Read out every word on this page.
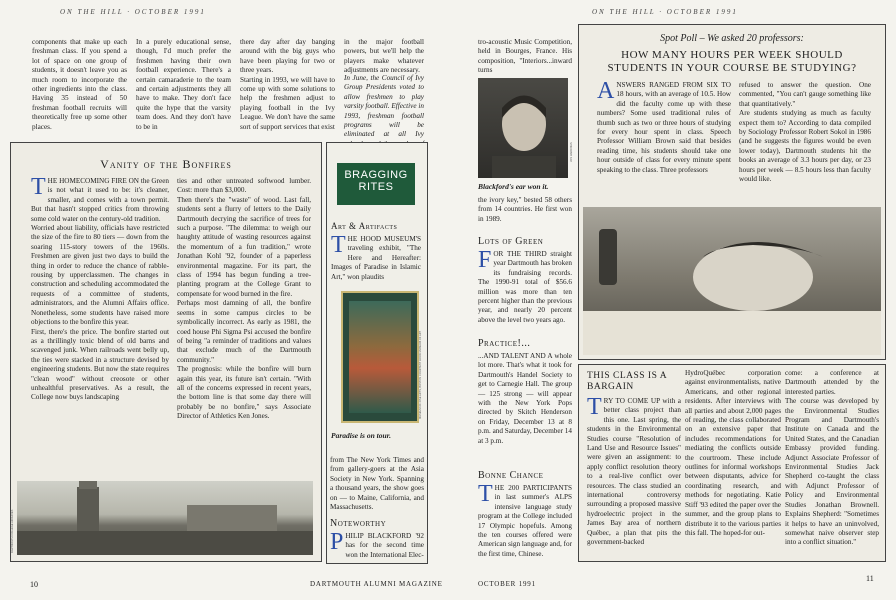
ON THE HILL · OCTOBER 1991	ON THE HILL · OCTOBER 1991
components that make up each freshman class. If you spend a lot of space on one group of students, it doesn't leave you as much room to incorporate the other ingredients into the class. Having 35 instead of 50 freshman football recruits will theoretically free up some other places.
In a purely educational sense, though, I'd much prefer the freshmen having their own football experience. There's a certain camaraderie to the team and certain adjustments they all have to make. They don't face quite the hype that the varsity team does. And they don't have to be in
there day after day banging around with the big guys who have been playing for two or three years.
Starting in 1993, we will have to come up with some solutions to help the freshmen adjust to playing football in the Ivy League. We don't have the same sort of support services that exist
in the major football powers, but we'll help the players make whatever adjustments are necessary.
In June, the Council of Ivy Group Presidents voted to allow freshmen to play varsity football. Effective in 1993, freshman football programs will be eliminated at all Ivy
Vanity of the Bonfires
THE HOMECOMING FIRE ON the Green is not what it used to be: it's cleaner, smaller, and comes with a town permit. But that hasn't stopped critics from throwing some cold water on the century-old tradition.
Worried about liability, officials have restricted the size of the fire to 80 tiers — down from the soaring 115-story towers of the 1960s. Freshmen are given just two days to build the thing in order to reduce the chance of rabble-rousing by upperclassmen. The changes in construction and scheduling accommodated the requests of a committee of students, administrators, and the Alumni Affairs office. Nonetheless, some students have raised more objections to the bonfire this year.
First, there's the price. The bonfire started out as a thrillingly toxic blend of old barns and scavenged junk. When railroads went belly up, the ties were stacked in a structure devised by engineering students. But now the state requires "clean wood" without creosote or other unhealthful preservatives. As a result, the College now buys landscaping
ties and other untreated softwood lumber. Cost: more than $3,000.
Then there's the "waste" of wood. Last fall, students sent a flurry of letters to the Daily Dartmouth decrying the sacrifice of trees for such a purpose. "The dilemma: to weigh our haughty attitude of wasting resources against the momentum of a fun tradition," wrote Jonathan Kohl '92, founder of a paperless environmental magazine. For its part, the class of 1994 has begun funding a tree-planting program at the College Grant to compensate for wood burned in the fire.
Perhaps most damning of all, the bonfire seems in some campus circles to be symbolically incorrect. As early as 1981, the coed house Phi Sigma Psi accused the bonfire of being "a reminder of traditions and values that exclude much of the Dartmouth community."
The prognosis: while the bonfire will burn again this year, its future isn't certain. "With all of the concerns expressed in recent years, the bottom line is that some day there will probably be no bonfire," says Associate Director of Athletics Ken Jones.
DARTMOUTH COLLEGE ARCHIVES
BRAGGING
RITES
Art & Artifacts
THE HOOD MUSEUM'S traveling exhibit, "The Here and Hereafter: Images of Paradise in Islamic Art," won plaudits
MUSEUM OF FINE ARTS, BOSTON COURTESY HOOD MUSEUM OF ART
Paradise is on tour.
from The New York Times and from gallery-goers at the Asia Society in New York. Spanning a thousand years, the show goes on — to Maine, California, and Massachusetts.
Noteworthy
PHILIP BLACKFORD '92 has for the second time won the International Elec-
tro-acoustic Music Competition, held in Bourges, France. His composition, "Interiors...inward turns
JON HARRIMAN
Blackford's ear won it.
the ivory key," bested 58 others from 14 countries. He first won in 1989.
Lots of Green
FOR THE THIRD straight year Dartmouth has broken its fundraising records. The 1990-91 total of $56.6 million was more than ten percent higher than the previous year, and nearly 20 percent above the level two years ago.
Practice!...
...AND TALENT AND A whole lot more. That's what it took for Dartmouth's Handel Society to get to Carnegie Hall. The group — 125 strong — will appear with the New York Pops directed by Skitch Henderson on Friday, December 13 at 8 p.m. and Saturday, December 14 at 3 p.m.
Bonne Chance
THE 200 PARTICIPANTS in last summer's ALPS intensive language study program at the College included 17 Olympic hopefuls. Among the ten courses offered were American sign language and, for the first time, Chinese.
Spot Poll – We asked 20 professors:
HOW MANY HOURS PER WEEK SHOULD STUDENTS IN YOUR COURSE BE STUDYING?
ANSWERS RANGED FROM SIX TO 18 hours, with an average of 10.5. How did the faculty come up with these numbers? Some used traditional rules of thumb such as two or three hours of studying for every hour spent in class. Speech Professor William Brown said that besides reading time, his students should take one hour outside of class for every minute spent speaking to the class. Three professors
refused to answer the question. One commented, "You can't gauge something like that quantitatively."
Are students studying as much as faculty expect them to? According to data compiled by Sociology Professor Robert Sokol in 1986 (and he suggests the figures would be even lower today), Dartmouth students hit the books an average of 3.3 hours per day, or 23 hours per week — 8.5 hours less than faculty would like.
THIS CLASS IS A BARGAIN
TRY TO COME UP with a better class project than this one. Last spring, the students in the Environmental Studies course "Resolution of Land Use and Resource Issues" were given an assignment: to apply conflict resolution theory to a real-live conflict over resources. The class studied an international controversy surrounding a proposed massive hydroelectric project in the James Bay area of northern Québec, a plan that pits the government-backed
HydroQuébec corporation against environmentalists, native Americans, and other regional residents. After interviews with all parties and about 2,000 pages of reading, the class collaborated on an extensive paper that includes recommendations for mediating the conflicts outside the courtroom. These include outlines for informal workshops between disputants, advice for coordinating research, and methods for negotiating. Katie Stiff '93 edited the paper over the summer, and the group plans to distribute it to the various parties this fall. The hoped-for out-
come: a conference at Dartmouth attended by the interested parties.
The course was developed by the Environmental Studies Program and Dartmouth's Institute on Canada and the United States, and the Canadian Embassy provided funding. Adjunct Associate Professor of Environmental Studies Jack Shepherd co-taught the class with Adjunct Professor of Policy and Environmental Studies Jonathan Brownell. Explains Shepherd: "Sometimes it helps to have an uninvolved, somewhat naive observer step into a conflict situation."
10	DARTMOUTH ALUMNI MAGAZINE	OCTOBER 1991
11
